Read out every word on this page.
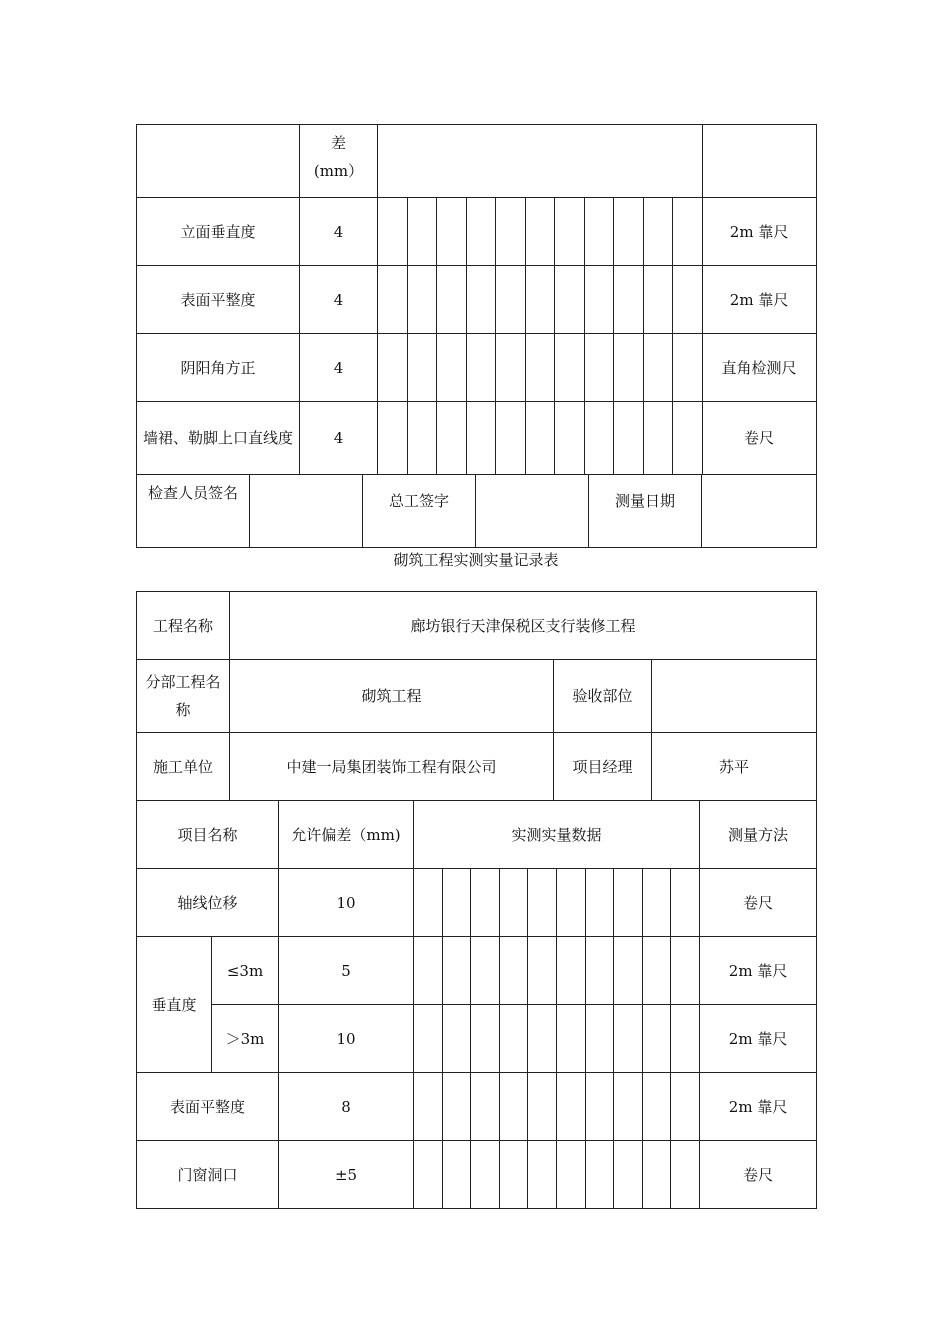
	差
(mm）												
立面垂直度	4												2m 靠尺
表面平整度	4												2m 靠尺
阴阳角方正	4												直角检测尺
墙裙、勒脚上口直线度	4												卷尺
检查人员签名		总工签字		测量日期	
砌筑工程实测实量记录表
工程名称	廊坊银行天津保税区支行装修工程		
分部工程名称	砌筑工程	验收部位	
施工单位	中建一局集团装饰工程有限公司	项目经理	苏平
项目名称		允许偏差（mm)	实测实量数据										测量方法
轴线位移		10											卷尺
垂直度	≤3m	5											2m 靠尺
	＞3m	10											2m 靠尺
表面平整度		8											2m 靠尺
门窗洞口		±5											卷尺
